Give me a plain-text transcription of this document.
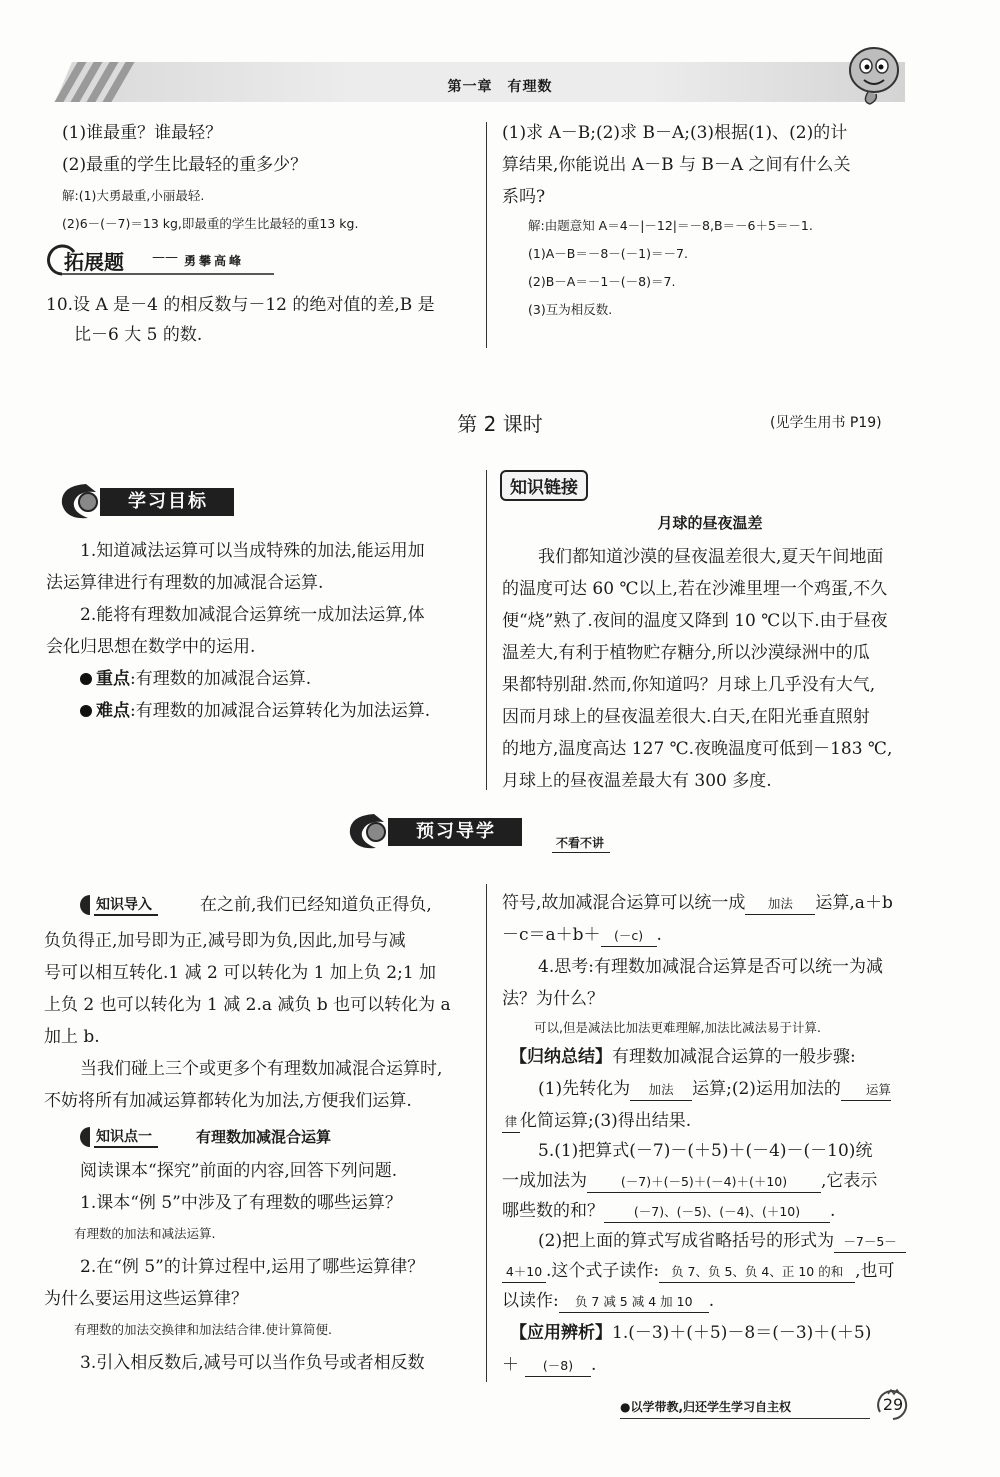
第一章　有理数
(1)谁最重？谁最轻？
(2)最重的学生比最轻的重多少？
解:(1)大勇最重,小丽最轻.
(2)6－(－7)＝13 kg,即最重的学生比最轻的重13 kg.
拓展题 —— 勇攀高峰
10.设 A 是－4 的相反数与－12 的绝对值的差,B 是
比－6 大 5 的数.
(1)求 A－B;(2)求 B－A;(3)根据(1)、(2)的计
算结果,你能说出 A－B 与 B－A 之间有什么关
系吗?
解:由题意知 A＝4－|－12|＝－8,B＝－6＋5＝－1.
(1)A－B＝－8－(－1)＝－7.
(2)B－A＝－1－(－8)＝7.
(3)互为相反数.
第 2 课时	(见学生用书 P19)
学习目标
1.知道减法运算可以当成特殊的加法,能运用加
法运算律进行有理数的加减混合运算.
2.能将有理数加减混合运算统一成加法运算,体
会化归思想在数学中的运用.
重点:有理数的加减混合运算.
难点:有理数的加减混合运算转化为加法运算.
知识链接
月球的昼夜温差
我们都知道沙漠的昼夜温差很大,夏天午间地面
的温度可达 60 ℃以上,若在沙滩里埋一个鸡蛋,不久
便“烧”熟了.夜间的温度又降到 10 ℃以下.由于昼夜
温差大,有利于植物贮存糖分,所以沙漠绿洲中的瓜
果都特别甜.然而,你知道吗？月球上几乎没有大气,
因而月球上的昼夜温差很大.白天,在阳光垂直照射
的地方,温度高达 127 ℃.夜晚温度可低到－183 ℃,
月球上的昼夜温差最大有 300 多度.
预习导学
不看不讲
知识导入	在之前,我们已经知道负正得负,
负负得正,加号即为正,减号即为负,因此,加号与减
号可以相互转化.1 减 2 可以转化为 1 加上负 2;1 加
上负 2 也可以转化为 1 减 2.a 减负 b 也可以转化为 a
加上 b.
当我们碰上三个或更多个有理数加减混合运算时,
不妨将所有加减运算都转化为加法,方便我们运算.
知识点一	有理数加减混合运算
阅读课本“探究”前面的内容,回答下列问题.
1.课本“例 5”中涉及了有理数的哪些运算？
有理数的加法和减法运算.
2.在“例 5”的计算过程中,运用了哪些运算律？
为什么要运用这些运算律？
有理数的加法交换律和加法结合律.使计算简便.
3.引入相反数后,减号可以当作负号或者相反数
符号,故加减混合运算可以统一成 加法 运算,a＋b
－c＝a＋b＋ (－c) .
4.思考:有理数加减混合运算是否可以统一为减
法？为什么？
可以,但是减法比加法更难理解,加法比减法易于计算.
【归纳总结】有理数加减混合运算的一般步骤:
(1)先转化为 加法 运算;(2)运用加法的 运算
律 化简运算;(3)得出结果.
5.(1)把算式(－7)－(＋5)＋(－4)－(－10)统
一成加法为	(－7)＋(－5)＋(－4)＋(＋10) ,它表示
哪些数的和？ (－7)、(－5)、(－4)、(＋10) .
(2)把上面的算式写成省略括号的形式为 －7－5－
4＋10 .这个式子读作: 负 7、负 5、负 4、正 10 的和 ,也可
以读作: 负 7 减 5 减 4 加 10 .
【应用辨析】1.(－3)＋(＋5)－8＝(－3)＋(＋5)
＋ (－8) .
●以学带教,归还学生学习自主权	29
